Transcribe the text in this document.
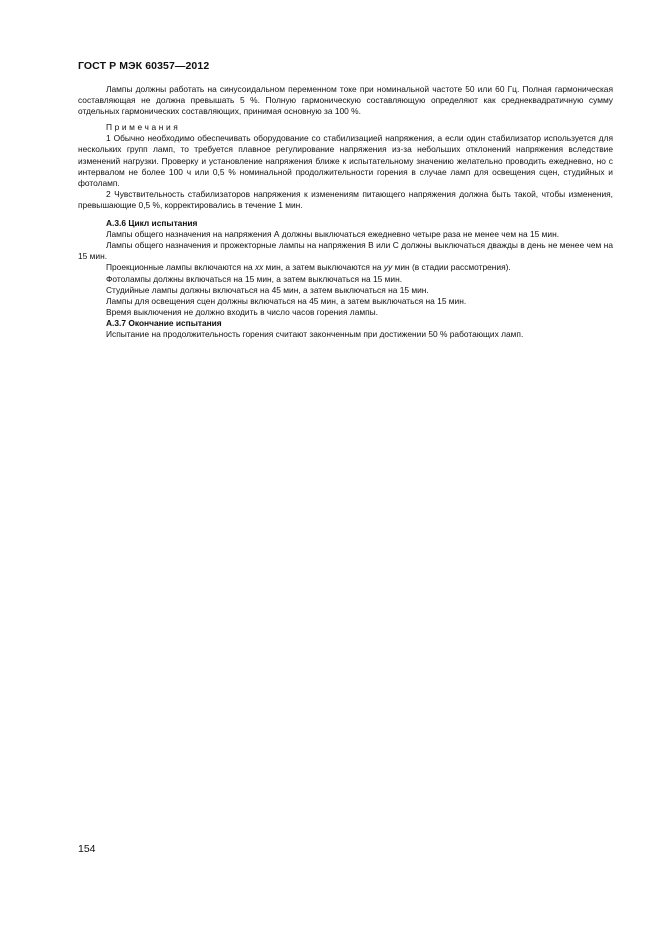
ГОСТ Р МЭК 60357—2012

Лампы должны работать на синусоидальном переменном токе при номинальной частоте 50 или 60 Гц. Полная гармоническая составляющая не должна превышать 5 %. Полную гармоническую составляющую определяют как среднеквадратичную сумму отдельных гармонических составляющих, принимая основную за 100 %.

Примечания

1 Обычно необходимо обеспечивать оборудование со стабилизацией напряжения, а если один стабилизатор используется для нескольких групп ламп, то требуется плавное регулирование напряжения из-за небольших отклонений напряжения вследствие изменений нагрузки. Проверку и установление напряжения ближе к испытательному значению желательно проводить ежедневно, но с интервалом не более 100 ч или 0,5 % номинальной продолжительности горения в случае ламп для освещения сцен, студийных и фотоламп.

2 Чувствительность стабилизаторов напряжения к изменениям питающего напряжения должна быть такой, чтобы изменения, превышающие 0,5 %, корректировались в течение 1 мин.

А.3.6 Цикл испытания

Лампы общего назначения на напряжения А должны выключаться ежедневно четыре раза не менее чем на 15 мин.

Лампы общего назначения и прожекторные лампы на напряжения В или С должны выключаться дважды в день не менее чем на 15 мин.

Проекционные лампы включаются на xx мин, а затем выключаются на yy мин (в стадии рассмотрения).

Фотолампы должны включаться на 15 мин, а затем выключаться на 15 мин.

Студийные лампы должны включаться на 45 мин, а затем выключаться на 15 мин.

Лампы для освещения сцен должны включаться на 45 мин, а затем выключаться на 15 мин.

Время выключения не должно входить в число часов горения лампы.

А.3.7 Окончание испытания

Испытание на продолжительность горения считают законченным при достижении 50 % работающих ламп.

154
